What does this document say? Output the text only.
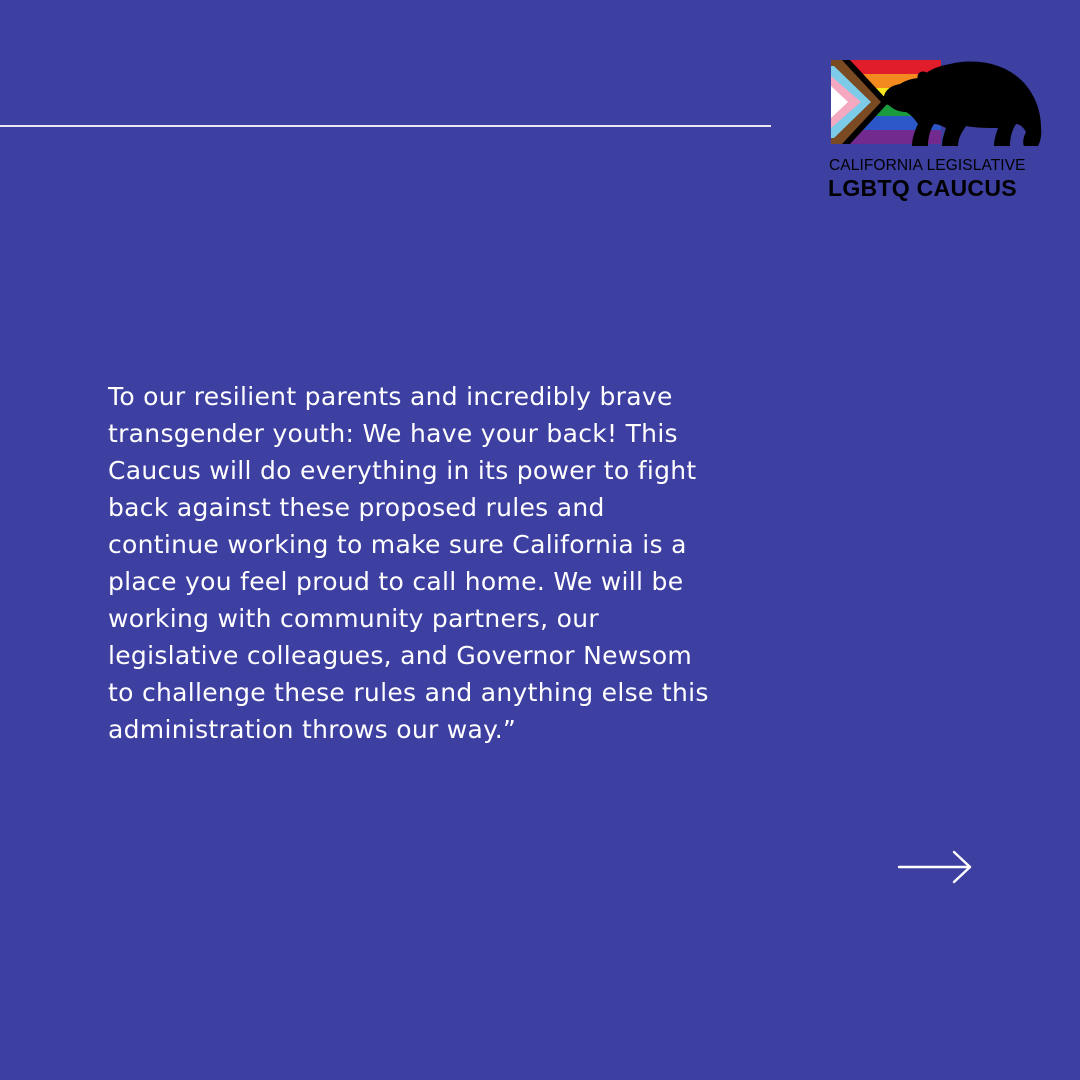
CALIFORNIA LEGISLATIVE
LGBTQ CAUCUS

To our resilient parents and incredibly brave
transgender youth: We have your back! This
Caucus will do everything in its power to fight
back against these proposed rules and
continue working to make sure California is a
place you feel proud to call home. We will be
working with community partners, our
legislative colleagues, and Governor Newsom
to challenge these rules and anything else this
administration throws our way.”
